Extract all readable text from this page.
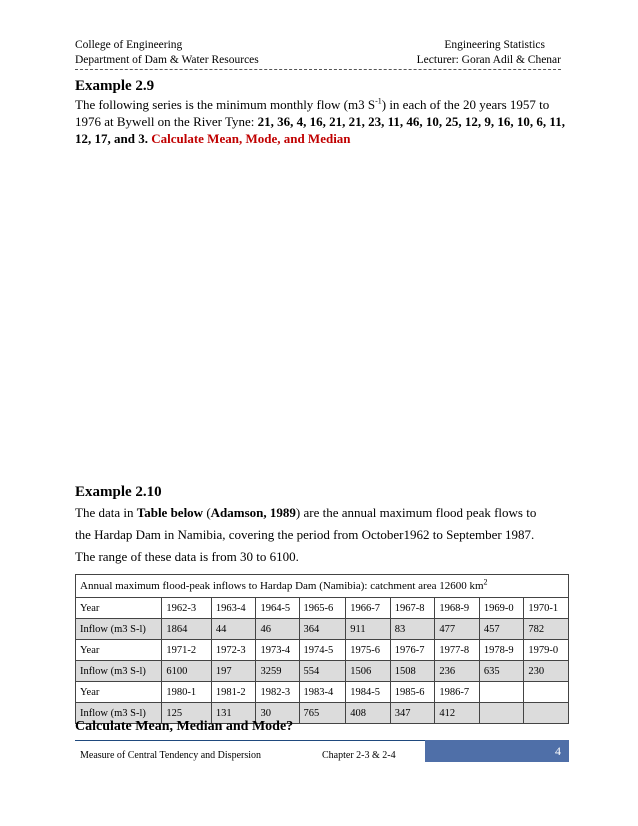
College of Engineering
Department of Dam & Water Resources
Engineering Statistics
Lecturer: Goran Adil & Chenar
Example 2.9
The following series is the minimum monthly flow (m3 $S^{-1}$) in each of the 20 years 1957 to 1976 at Bywell on the River Tyne: 21, 36, 4, 16, 21, 21, 23, 11, 46, 10, 25, 12, 9, 16, 10, 6, 11, 12, 17, and 3. Calculate Mean, Mode, and Median
Example 2.10
The data in Table below (Adamson, 1989) are the annual maximum flood peak flows to the Hardap Dam in Namibia, covering the period from October1962 to September 1987. The range of these data is from 30 to 6100.
Annual maximum flood-peak inflows to Hardap Dam (Namibia): catchment area 12600 $km^2$
Year	1962-3	1963-4	1964-5	1965-6	1966-7	1967-8	1968-9	1969-0	1970-1
Inflow (m3 S-l)	1864	44	46	364	911	83	477	457	782
Year	1971-2	1972-3	1973-4	1974-5	1975-6	1976-7	1977-8	1978-9	1979-0
Inflow (m3 S-l)	6100	197	3259	554	1506	1508	236	635	230
Year	1980-1	1981-2	1982-3	1983-4	1984-5	1985-6	1986-7		
Inflow (m3 S-l)	125	131	30	765	408	347	412		
Calculate Mean, Median and Mode?
4
Measure of Central Tendency and Dispersion	Chapter 2-3 & 2-4
